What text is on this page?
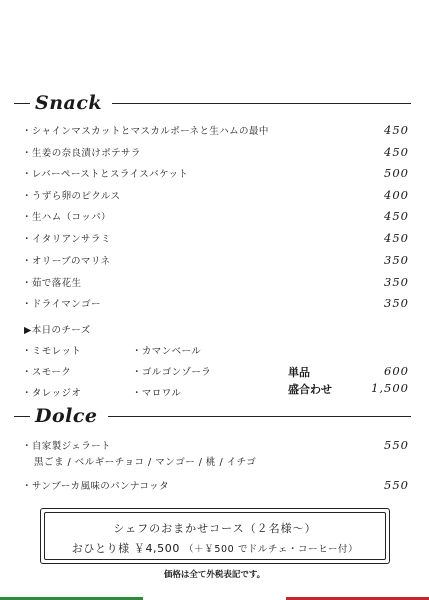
Snack
・シャインマスカットとマスカルポーネと生ハムの最中	450
・生姜の奈良漬けポテサラ	450
・レバーペーストとスライスバケット	500
・うずら卵のピクルス	400
・生ハム（コッパ）	450
・イタリアンサラミ	450
・オリーブのマリネ	350
・茹で落花生	350
・ドライマンゴー	350
▶本日のチーズ
・ミモレット
・スモーク
・タレッジオ
・カマンベール
・ゴルゴンゾーラ
・マロワル
単品	600
盛合わせ	1,500
Dolce
・自家製ジェラート	550
黒ごま / ベルギーチョコ / マンゴー / 桃 / イチゴ
・サンブーカ風味のパンナコッタ	550
シェフのおまかせコース（２名様～）
おひとり様 ￥4,500 （＋￥500 でドルチェ・コーヒー付）
価格は全て外税表記です。
